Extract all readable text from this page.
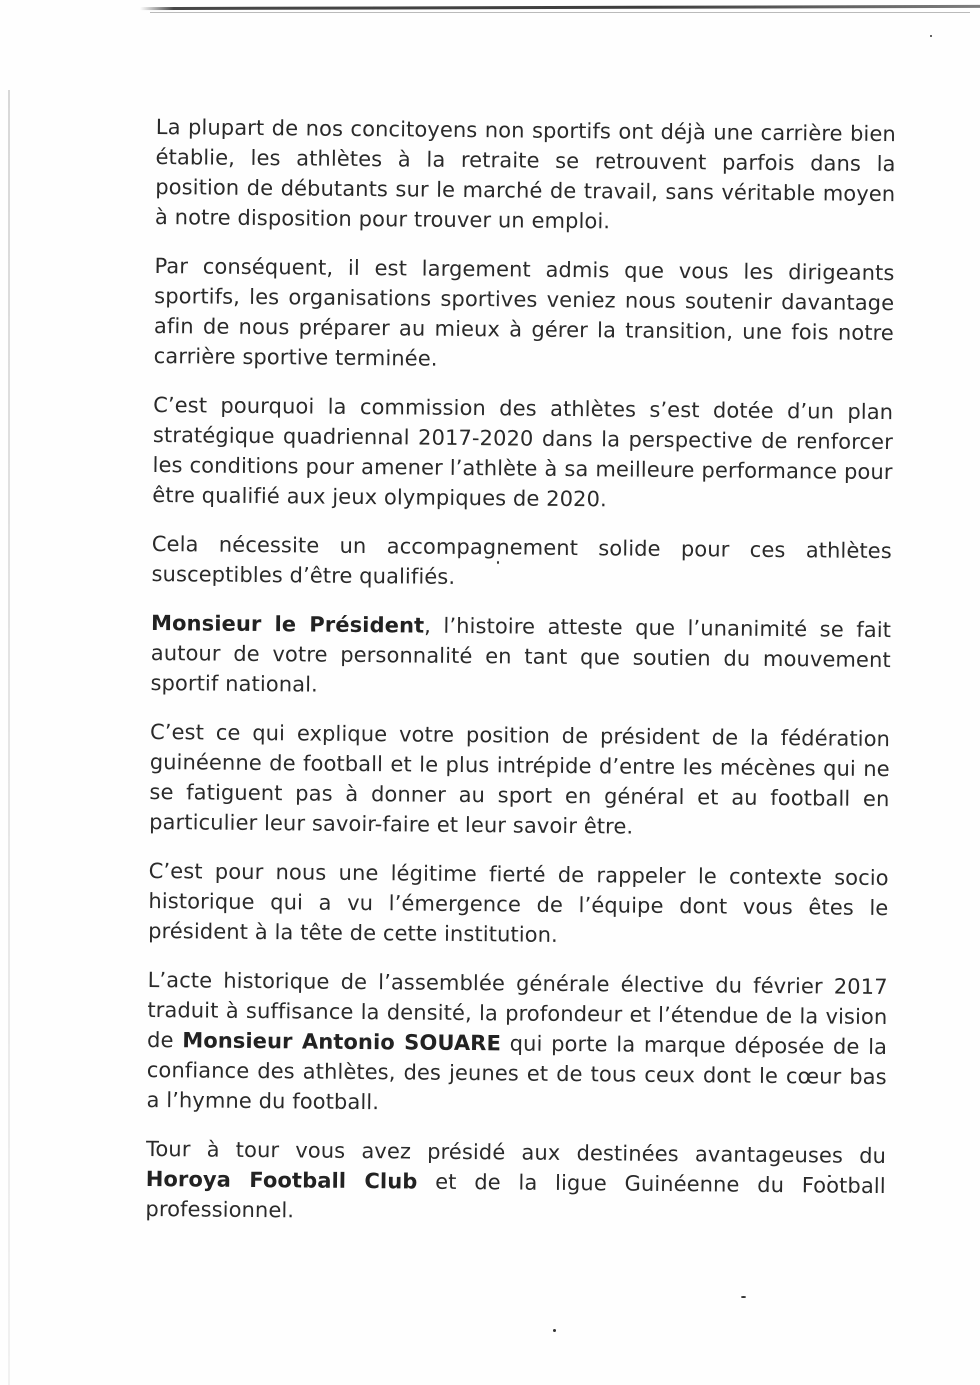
La plupart de nos concitoyens non sportifs ont déjà une carrière bien établie, les athlètes à la retraite se retrouvent parfois dans la position de débutants sur le marché de travail, sans véritable moyen à notre disposition pour trouver un emploi.

Par conséquent, il est largement admis que vous les dirigeants sportifs, les organisations sportives veniez nous soutenir davantage afin de nous préparer au mieux à gérer la transition, une fois notre carrière sportive terminée.

C’est pourquoi la commission des athlètes s’est dotée d’un plan stratégique quadriennal 2017-2020 dans la perspective de renforcer les conditions pour amener l’athlète à sa meilleure performance pour être qualifié aux jeux olympiques de 2020.

Cela nécessite un accompagnement solide pour ces athlètes susceptibles d’être qualifiés.

Monsieur le Président, l’histoire atteste que l’unanimité se fait autour de votre personnalité en tant que soutien du mouvement sportif national.

C’est ce qui explique votre position de président de la fédération guinéenne de football et le plus intrépide d’entre les mécènes qui ne se fatiguent pas à donner au sport en général et au football en particulier leur savoir-faire et leur savoir être.

C’est pour nous une légitime fierté de rappeler le contexte socio historique qui a vu l’émergence de l’équipe dont vous êtes le président à la tête de cette institution.

L’acte historique de l’assemblée générale élective du février 2017 traduit à suffisance la densité, la profondeur et l’étendue de la vision de Monsieur Antonio SOUARE qui porte la marque déposée de la confiance des athlètes, des jeunes et de tous ceux dont le cœur bas a l’hymne du football.

Tour à tour vous avez présidé aux destinées avantageuses du Horoya Football Club et de la ligue Guinéenne du Football professionnel.
